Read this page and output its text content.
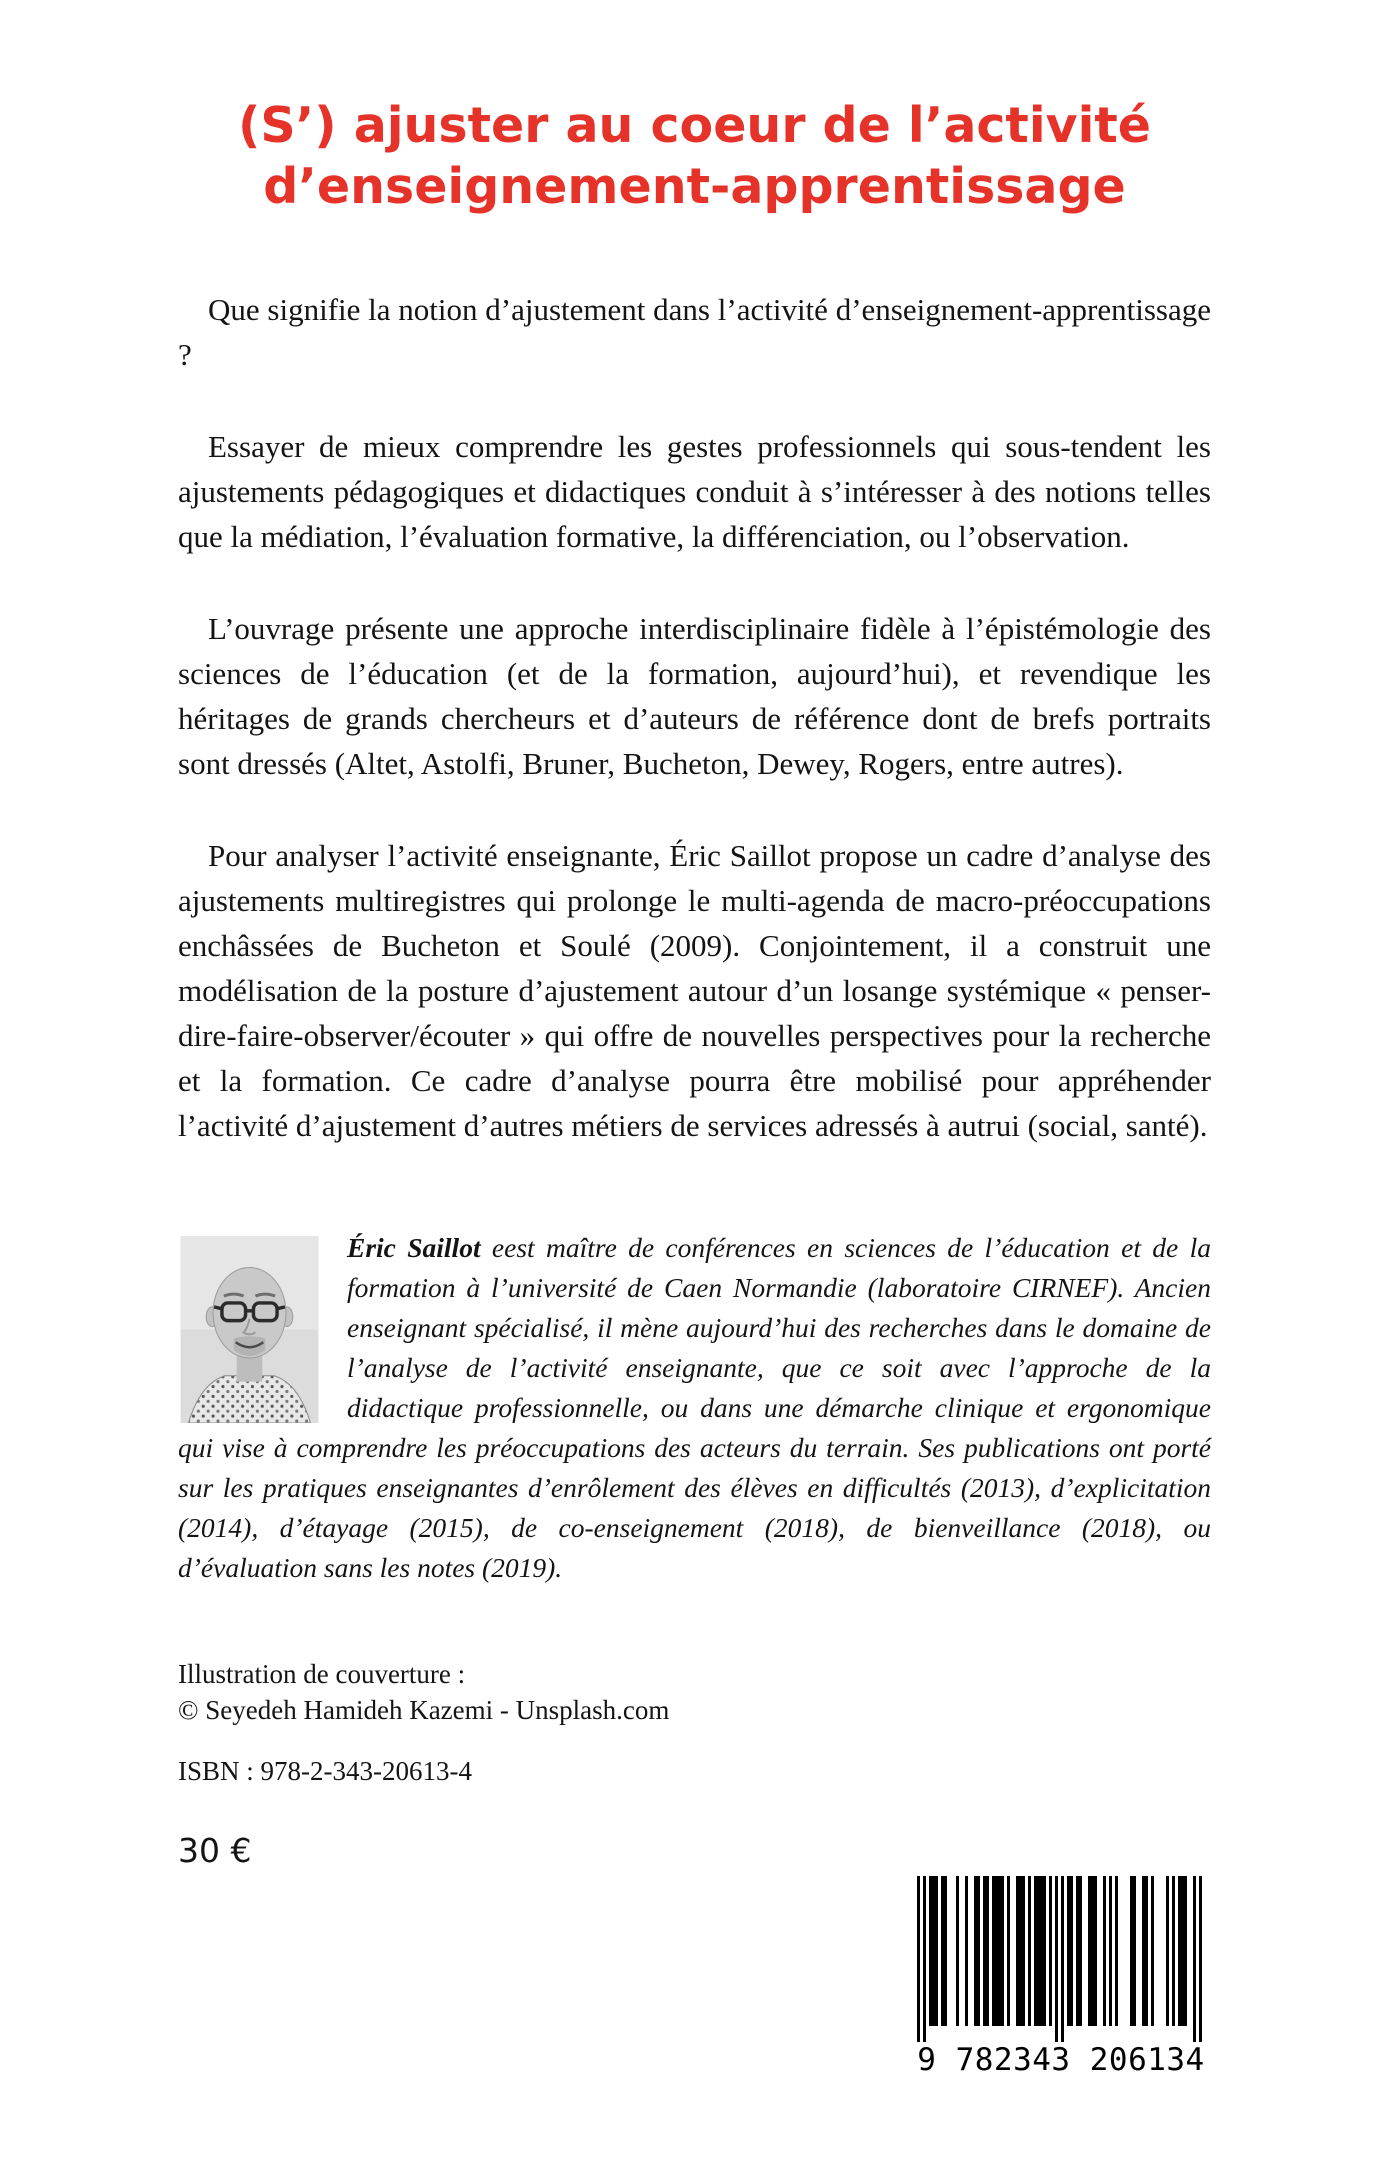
(S’) ajuster au coeur de l’activité
d’enseignement-apprentissage

Que signifie la notion d’ajustement dans l’activité d’enseignement-apprentissage ?

Essayer de mieux comprendre les gestes professionnels qui sous-tendent les ajustements pédagogiques et didactiques conduit à s’intéresser à des notions telles que la médiation, l’évaluation formative, la différenciation, ou l’observation.

L’ouvrage présente une approche interdisciplinaire fidèle à l’épistémologie des sciences de l’éducation (et de la formation, aujourd’hui), et revendique les héritages de grands chercheurs et d’auteurs de référence dont de brefs portraits sont dressés (Altet, Astolfi, Bruner, Bucheton, Dewey, Rogers, entre autres).

Pour analyser l’activité enseignante, Éric Saillot propose un cadre d’analyse des ajustements multiregistres qui prolonge le multi-agenda de macro-préoccupations enchâssées de Bucheton et Soulé (2009). Conjointement, il a construit une modélisation de la posture d’ajustement autour d’un losange systémique « penser-dire-faire-observer/écouter » qui offre de nouvelles perspectives pour la recherche et la formation. Ce cadre d’analyse pourra être mobilisé pour appréhender l’activité d’ajustement d’autres métiers de services adressés à autrui (social, santé).

Éric Saillot eest maître de conférences en sciences de l’éducation et de la formation à l’université de Caen Normandie (laboratoire CIRNEF). Ancien enseignant spécialisé, il mène aujourd’hui des recherches dans le domaine de l’analyse de l’activité enseignante, que ce soit avec l’approche de la didactique professionnelle, ou dans une démarche clinique et ergonomique qui vise à comprendre les préoccupations des acteurs du terrain. Ses publications ont porté sur les pratiques enseignantes d’enrôlement des élèves en difficultés (2013), d’explicitation (2014), d’étayage (2015), de co-enseignement (2018), de bienveillance (2018), ou d’évaluation sans les notes (2019).

Illustration de couverture :
© Seyedeh Hamideh Kazemi - Unsplash.com
ISBN : 978-2-343-20613-4
30 €
9 782343 206134
